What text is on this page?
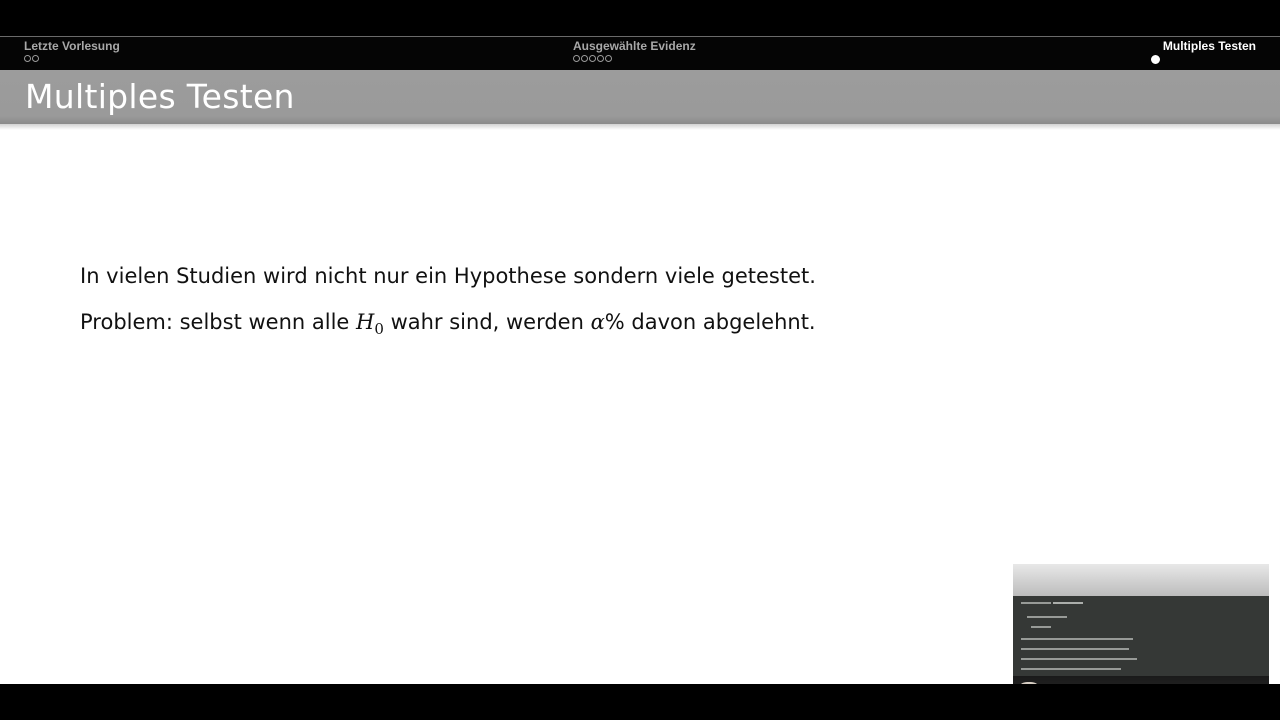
Letzte Vorlesung	Ausgewählte Evidenz	Multiples Testen
Multiples Testen
In vielen Studien wird nicht nur ein Hypothese sondern viele getestet.
Problem: selbst wenn alle $H_0$ wahr sind, werden α% davon abgelehnt.
